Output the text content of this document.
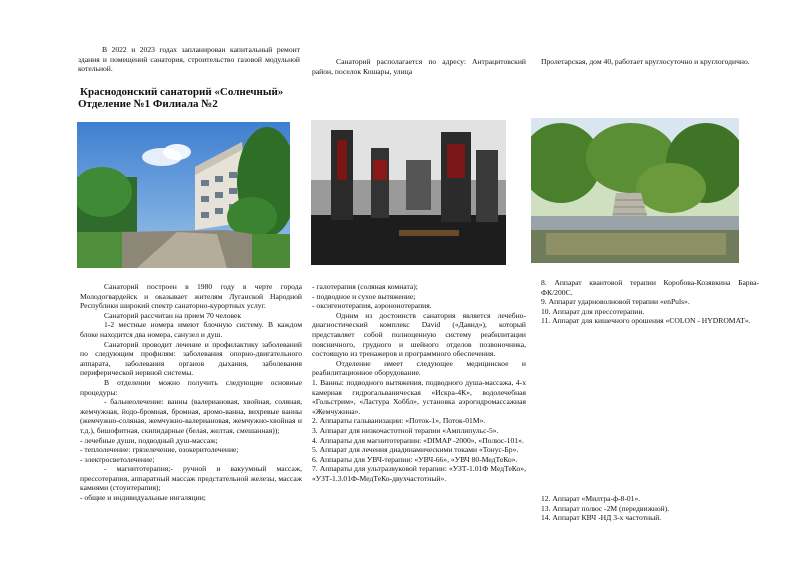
В 2022 и 2023 годах запланирован капитальный ремонт здания и помещений санатория, строительство газовой модульной котельной.

Санаторий располагается по адресу: Антрацитовский район, поселок Кошары, улица

Пролетарская, дом 40, работает круглосуточно и круглогодично.

Краснодонский санаторий «Солнечный»
Отделение №1 Филиала №2

Санаторий построен в 1980 году в черте города Молодогвардейск и оказывает жителям Луганской Народной Республики широкий спектр санаторно-курортных услуг.

Санаторий рассчитан на прием 70 человек

1-2 местные номера имеют блочную систему. В каждом блоке находится два номера, санузел и душ.

Санаторий проводит лечение и профилактику заболеваний по следующим профилям: заболевания опорно-двигательного аппарата, заболевания органов дыхания, заболевания периферической нервной системы.

В отделении можно получить следующие основные процедуры:

- бальнеолечение: ванны (валериановая, хвойная, соляная, жемчужная, йодо-бромная, бромная, аромо-ванна, вихревые ванны (жемчужно-соляная, жемчужно-валериановая, жемчужно-хвойная и т.д.), бишофитная, скипидарные (белая, желтая, смешанная));

- лечебные души, подводный душ-массаж;

- теплолечение: грязелечение, озокеритолечение;

- электросветолечение;

- магнитотерапия;- ручной и вакуумный массаж, прессотерапия, аппаратный массаж предстательной железы, массаж камнями (стоунтерапия);

- общие и индивидуальные ингаляции;

- галотерапия (соляная комната);

- подводное и сухое вытяжение;

- оксигенотерапия, аэрононотерапия.

Одним из достоинств санатория является лечебно-диагностический комплекс David («Давид»), который представляет собой полноценную систему реабилитации поясничного, грудного и шейного отделов позвоночника, состоящую из тренажеров и программного обеспечения.

Отделение имеет следующее медицинское и реабилитационное оборудование.

1. Ванны: подводного вытяжения, подводного душа-массажа, 4-х камерная гидрогальваническая «Искра-4К», водолечебная «Гольстрим», «Ластура Хоббл», установка аэрогидромассажная «Жемчужина».

2. Аппараты гальванизации: «Поток-1», Поток-01М».

3. Аппарат для низкочастотной терапии «Амплипульс-5».

4. Аппараты для магнитотерапии: «DIMAP -2000», «Полюс-101».

5. Аппарат для лечения диадинамическими токами «Тонус-Бр».

6. Аппараты для УВЧ-терапии: «УВЧ-66», «УВЧ 80-МедТеКо».

7. Аппараты для ультразвуковой терапии: «УЗТ-1.01Ф МедТеКо», «УЗТ-1.3.01Ф-МедТеКо-двухчастотный».

8. Аппарат квантовой терапии Коробова-Козявкина Барва-ФК/200С.

9. Аппарат ударноволновой терапии «enPuls».

10. Аппарат для прессотерапии.

11. Аппарат для кишечного орошения «COLON - HYDROMAT».

12. Аппарат «Милтра-ф-8-01».

13. Аппарат полюс -2М (передвижной).

14. Аппарат КВЧ -НД 3-х частотный.
